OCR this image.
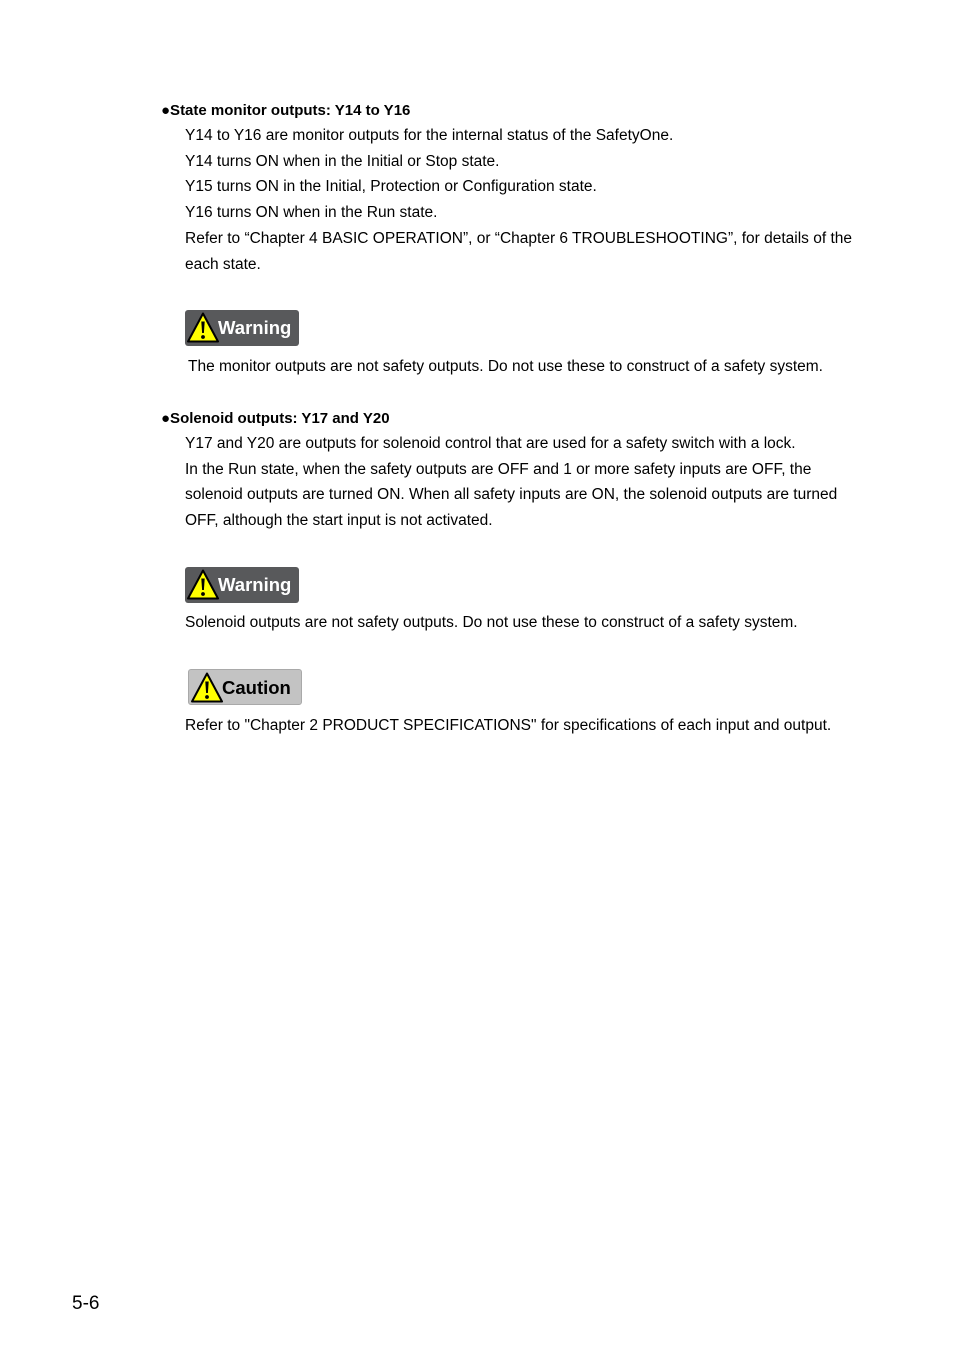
●State monitor outputs: Y14 to Y16

Y14 to Y16 are monitor outputs for the internal status of the SafetyOne.

Y14 turns ON when in the Initial or Stop state.

Y15 turns ON in the Initial, Protection or Configuration state.

Y16 turns ON when in the Run state.

Refer to “Chapter 4 BASIC OPERATION”, or “Chapter 6 TROUBLESHOOTING”, for details of the

each state.

Warning
The monitor outputs are not safety outputs. Do not use these to construct of a safety system.
●Solenoid outputs: Y17 and Y20

Y17 and Y20 are outputs for solenoid control that are used for a safety switch with a lock.

In the Run state, when the safety outputs are OFF and 1 or more safety inputs are OFF, the

solenoid outputs are turned ON. When all safety inputs are ON, the solenoid outputs are turned

OFF, although the start input is not activated.

Warning
Solenoid outputs are not safety outputs. Do not use these to construct of a safety system.
Caution
Refer to "Chapter 2 PRODUCT SPECIFICATIONS" for specifications of each input and output.
5-6
